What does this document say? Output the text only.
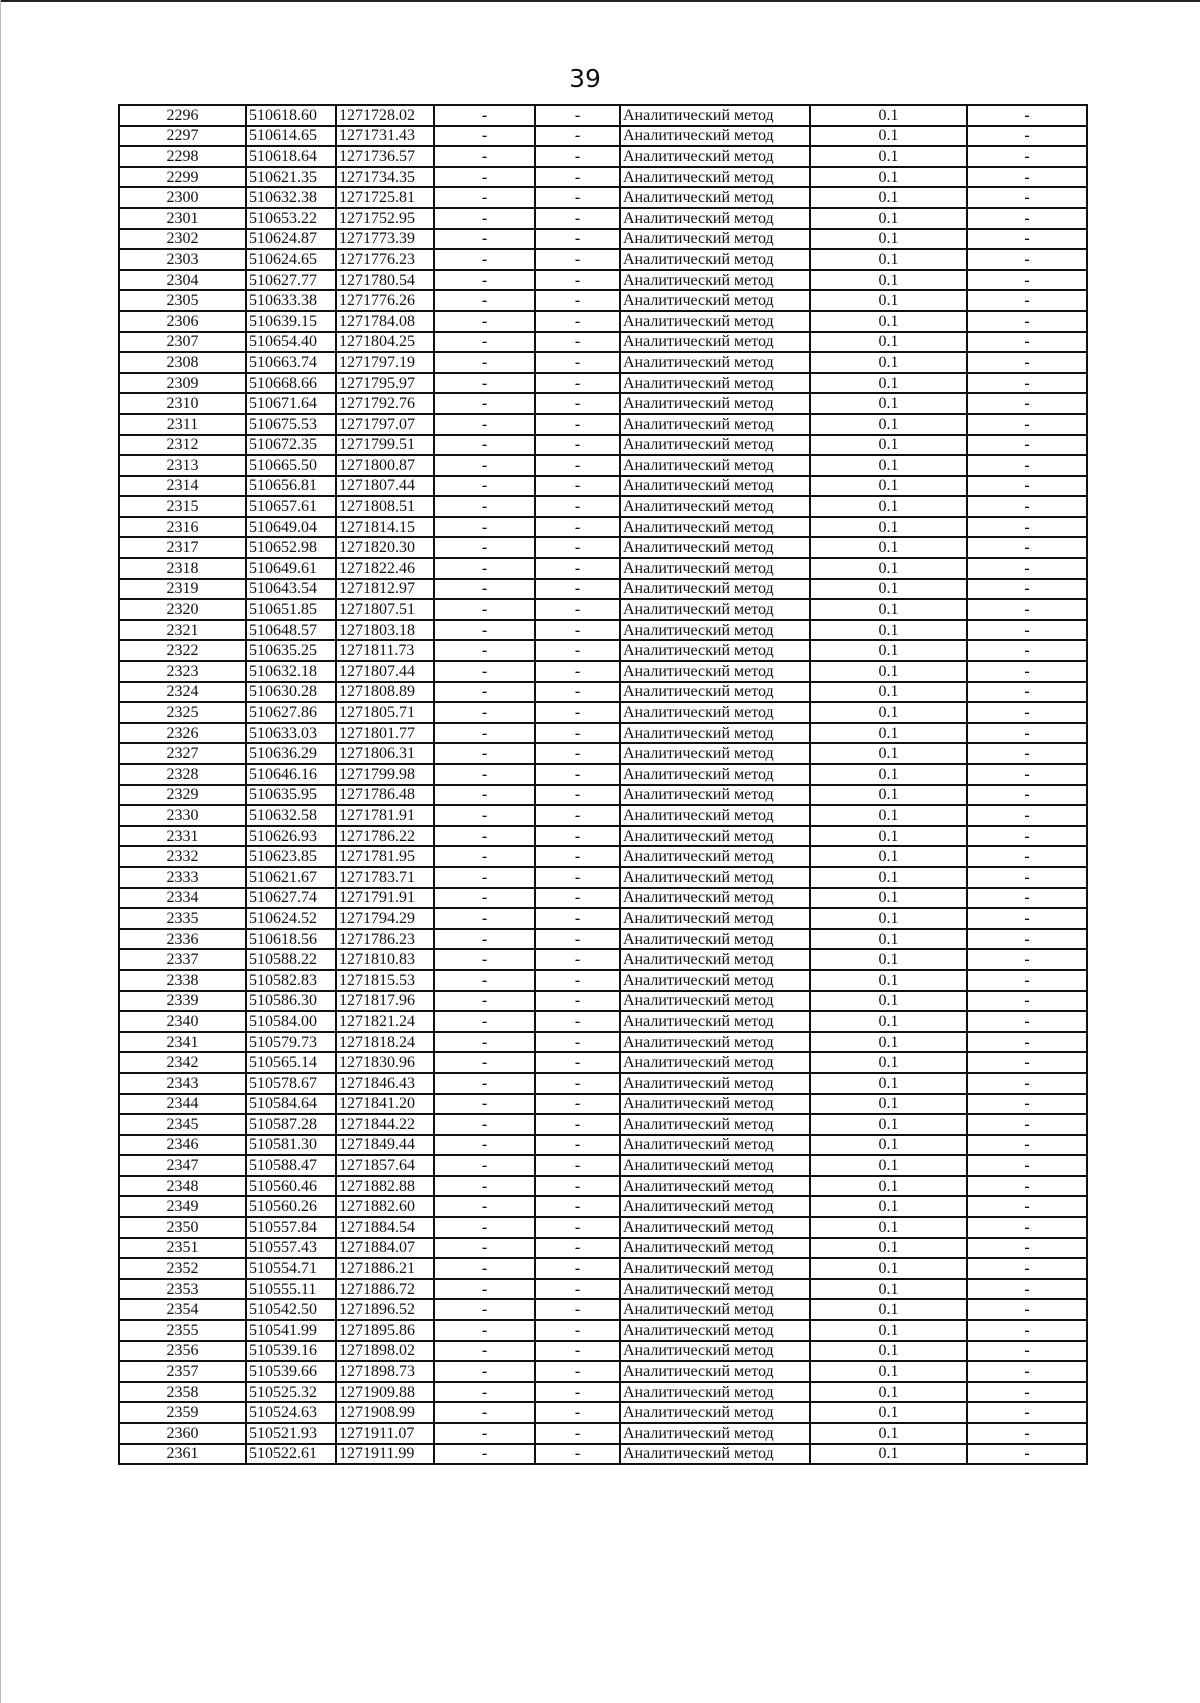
39
2296	510618.60	1271728.02	-	-	Аналитический метод	0.1	-
2297	510614.65	1271731.43	-	-	Аналитический метод	0.1	-
2298	510618.64	1271736.57	-	-	Аналитический метод	0.1	-
2299	510621.35	1271734.35	-	-	Аналитический метод	0.1	-
2300	510632.38	1271725.81	-	-	Аналитический метод	0.1	-
2301	510653.22	1271752.95	-	-	Аналитический метод	0.1	-
2302	510624.87	1271773.39	-	-	Аналитический метод	0.1	-
2303	510624.65	1271776.23	-	-	Аналитический метод	0.1	-
2304	510627.77	1271780.54	-	-	Аналитический метод	0.1	-
2305	510633.38	1271776.26	-	-	Аналитический метод	0.1	-
2306	510639.15	1271784.08	-	-	Аналитический метод	0.1	-
2307	510654.40	1271804.25	-	-	Аналитический метод	0.1	-
2308	510663.74	1271797.19	-	-	Аналитический метод	0.1	-
2309	510668.66	1271795.97	-	-	Аналитический метод	0.1	-
2310	510671.64	1271792.76	-	-	Аналитический метод	0.1	-
2311	510675.53	1271797.07	-	-	Аналитический метод	0.1	-
2312	510672.35	1271799.51	-	-	Аналитический метод	0.1	-
2313	510665.50	1271800.87	-	-	Аналитический метод	0.1	-
2314	510656.81	1271807.44	-	-	Аналитический метод	0.1	-
2315	510657.61	1271808.51	-	-	Аналитический метод	0.1	-
2316	510649.04	1271814.15	-	-	Аналитический метод	0.1	-
2317	510652.98	1271820.30	-	-	Аналитический метод	0.1	-
2318	510649.61	1271822.46	-	-	Аналитический метод	0.1	-
2319	510643.54	1271812.97	-	-	Аналитический метод	0.1	-
2320	510651.85	1271807.51	-	-	Аналитический метод	0.1	-
2321	510648.57	1271803.18	-	-	Аналитический метод	0.1	-
2322	510635.25	1271811.73	-	-	Аналитический метод	0.1	-
2323	510632.18	1271807.44	-	-	Аналитический метод	0.1	-
2324	510630.28	1271808.89	-	-	Аналитический метод	0.1	-
2325	510627.86	1271805.71	-	-	Аналитический метод	0.1	-
2326	510633.03	1271801.77	-	-	Аналитический метод	0.1	-
2327	510636.29	1271806.31	-	-	Аналитический метод	0.1	-
2328	510646.16	1271799.98	-	-	Аналитический метод	0.1	-
2329	510635.95	1271786.48	-	-	Аналитический метод	0.1	-
2330	510632.58	1271781.91	-	-	Аналитический метод	0.1	-
2331	510626.93	1271786.22	-	-	Аналитический метод	0.1	-
2332	510623.85	1271781.95	-	-	Аналитический метод	0.1	-
2333	510621.67	1271783.71	-	-	Аналитический метод	0.1	-
2334	510627.74	1271791.91	-	-	Аналитический метод	0.1	-
2335	510624.52	1271794.29	-	-	Аналитический метод	0.1	-
2336	510618.56	1271786.23	-	-	Аналитический метод	0.1	-
2337	510588.22	1271810.83	-	-	Аналитический метод	0.1	-
2338	510582.83	1271815.53	-	-	Аналитический метод	0.1	-
2339	510586.30	1271817.96	-	-	Аналитический метод	0.1	-
2340	510584.00	1271821.24	-	-	Аналитический метод	0.1	-
2341	510579.73	1271818.24	-	-	Аналитический метод	0.1	-
2342	510565.14	1271830.96	-	-	Аналитический метод	0.1	-
2343	510578.67	1271846.43	-	-	Аналитический метод	0.1	-
2344	510584.64	1271841.20	-	-	Аналитический метод	0.1	-
2345	510587.28	1271844.22	-	-	Аналитический метод	0.1	-
2346	510581.30	1271849.44	-	-	Аналитический метод	0.1	-
2347	510588.47	1271857.64	-	-	Аналитический метод	0.1	-
2348	510560.46	1271882.88	-	-	Аналитический метод	0.1	-
2349	510560.26	1271882.60	-	-	Аналитический метод	0.1	-
2350	510557.84	1271884.54	-	-	Аналитический метод	0.1	-
2351	510557.43	1271884.07	-	-	Аналитический метод	0.1	-
2352	510554.71	1271886.21	-	-	Аналитический метод	0.1	-
2353	510555.11	1271886.72	-	-	Аналитический метод	0.1	-
2354	510542.50	1271896.52	-	-	Аналитический метод	0.1	-
2355	510541.99	1271895.86	-	-	Аналитический метод	0.1	-
2356	510539.16	1271898.02	-	-	Аналитический метод	0.1	-
2357	510539.66	1271898.73	-	-	Аналитический метод	0.1	-
2358	510525.32	1271909.88	-	-	Аналитический метод	0.1	-
2359	510524.63	1271908.99	-	-	Аналитический метод	0.1	-
2360	510521.93	1271911.07	-	-	Аналитический метод	0.1	-
2361	510522.61	1271911.99	-	-	Аналитический метод	0.1	-
